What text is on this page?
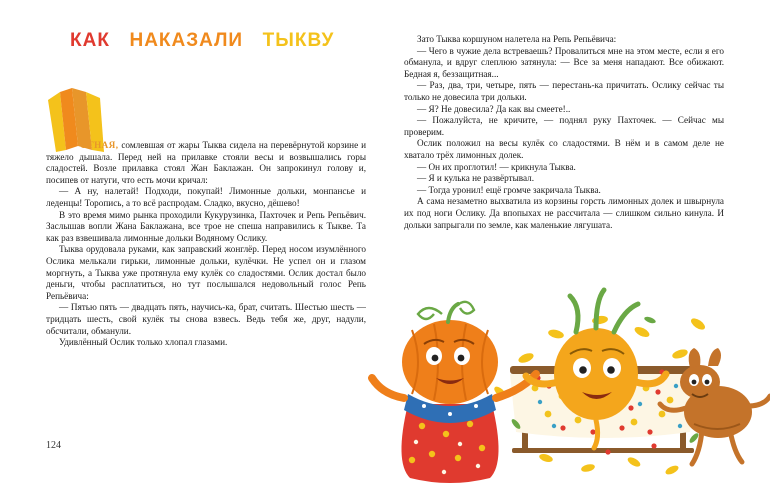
КАК НАКАЗАЛИ ТЫКВУ
ОТНАЯ, сомлевшая от жары Тыква сидела на перевёрнутой корзине и тяжело дышала. Перед ней на прилавке стояли весы и возвышались горы сладостей. Возле прилавка стоял Жан Баклажан. Он запрокинул голову и, посипев от натуги, что есть мочи кричал:

— А ну, налетай! Подходи, покупай! Лимонные дольки, монпансье и леденцы! Торопись, а то всё распродам. Сладко, вкусно, дёшево!

В это время мимо рынка проходили Кукурузинка, Пахточек и Репь Репьёвич. Заслышав вопли Жана Баклажана, все трое не спеша направились к Тыкве. Та как раз взвешивала лимонные дольки Водяному Ослику.

Тыква орудовала руками, как заправский жонглёр. Перед носом изумлённого Ослика мелькали гирьки, лимонные дольки, кулёчки. Не успел он и глазом моргнуть, а Тыква уже протянула ему кулёк со сладостями. Ослик достал было деньги, чтобы расплатиться, но тут послышался недовольный голос Репь Репьёвича:

— Пятью пять — двадцать пять, научись-ка, брат, считать. Шестью шесть — тридцать шесть, свой кулёк ты снова взвесь. Ведь тебя же, друг, надули, обсчитали, обманули.

Удивлённый Ослик только хлопал глазами.

Зато Тыква коршуном налетела на Репь Репьёвича:

— Чего в чужие дела встреваешь? Провалиться мне на этом месте, если я его обманула, и вдруг слеплюю затянула: — Все за меня нападают. Все обижают. Бедная я, беззащитная...

— Раз, два, три, четыре, пять — перестань-ка причитать. Ослику сейчас ты только не довесила три дольки.

— Я? Не довесила? Да как вы смеете!..

— Пожалуйста, не кричите, — поднял руку Пахточек. — Сейчас мы проверим.

Ослик положил на весы кулёк со сладостями. В нём и в самом деле не хватало трёх лимонных долек.

— Он их проглотил! — крикнула Тыква.

— Я и кулька не развёртывал.

— Тогда уронил! ещё громче закричала Тыква.

А сама незаметно выхватила из корзины горсть лимонных долек и швырнула их под ноги Ослику. Да впопыхах не рассчитала — слишком сильно кинула. И дольки запрыгали по земле, как маленькие лягушата.

124
